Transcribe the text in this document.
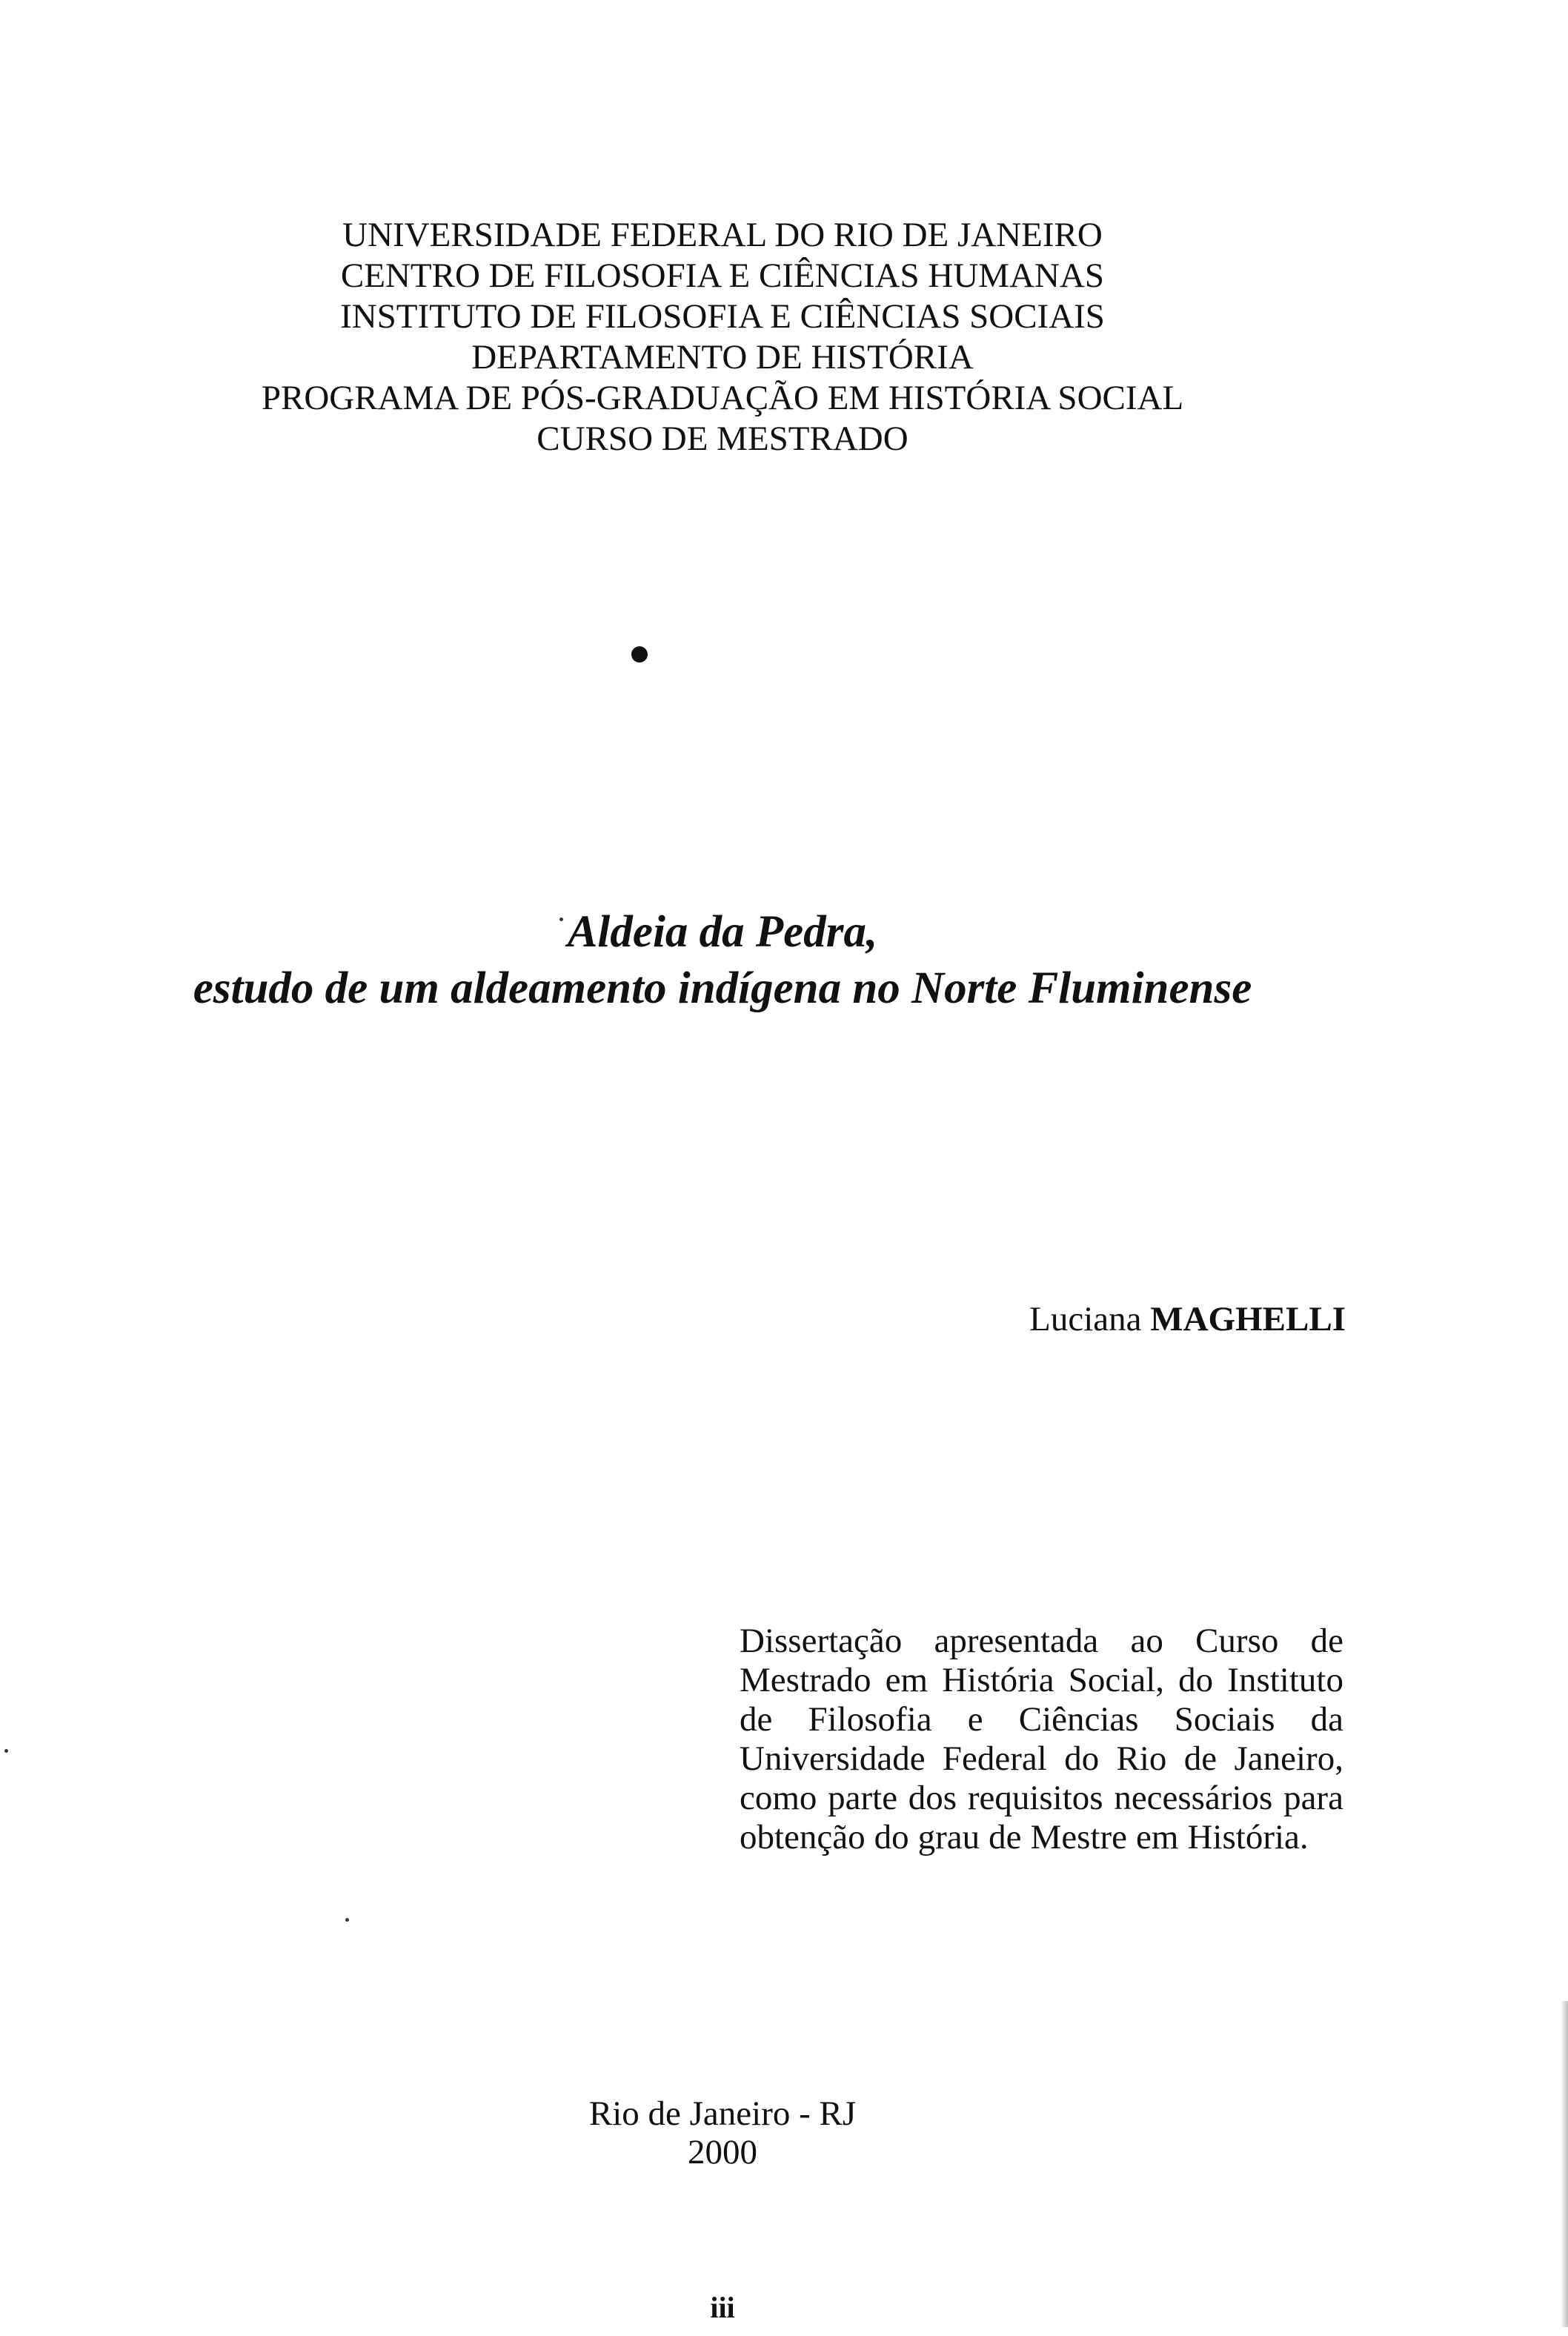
UNIVERSIDADE FEDERAL DO RIO DE JANEIRO
CENTRO DE FILOSOFIA E CIÊNCIAS HUMANAS
INSTITUTO DE FILOSOFIA E CIÊNCIAS SOCIAIS
DEPARTAMENTO DE HISTÓRIA
PROGRAMA DE PÓS-GRADUAÇÃO EM HISTÓRIA SOCIAL
CURSO DE MESTRADO
Aldeia da Pedra,
estudo de um aldeamento indígena no Norte Fluminense
Luciana MAGHELLI
Dissertação apresentada ao Curso de
Mestrado em História Social, do Instituto
de Filosofia e Ciências Sociais da
Universidade Federal do Rio de Janeiro,
como parte dos requisitos necessários para
obtenção do grau de Mestre em História.
Rio de Janeiro - RJ
2000
iii
